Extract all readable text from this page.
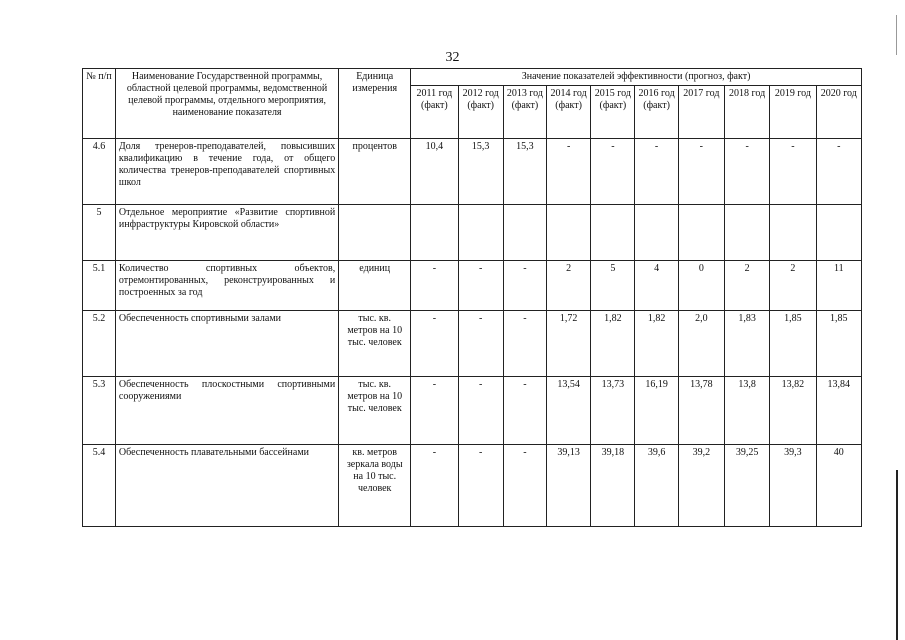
32
№ п/п	Наименование Государственной программы, областной целевой программы, ведомственной целевой программы, отдельного мероприятия, наименование показателя	Единица измерения	Значение показателей эффективности (прогноз, факт)									
			2011 год (факт)	2012 год (факт)	2013 год (факт)	2014 год (факт)	2015 год (факт)	2016 год (факт)	2017 год	2018 год	2019 год	2020 год
4.6	Доля тренеров-преподавателей, повысивших квалификацию в течение года, от общего количества тренеров-преподавателей спортивных школ	процентов	10,4	15,3	15,3	-	-	-	-	-	-	-
5	Отдельное мероприятие «Развитие спортивной инфраструктуры Кировской области»											
5.1	Количество спортивных объектов, отремонтированных, реконструированных и построенных за год	единиц	-	-	-	2	5	4	0	2	2	11
5.2	Обеспеченность спортивными залами	тыс. кв. метров на 10 тыс. человек	-	-	-	1,72	1,82	1,82	2,0	1,83	1,85	1,85
5.3	Обеспеченность плоскостными спортивными сооружениями	тыс. кв. метров на 10 тыс. человек	-	-	-	13,54	13,73	16,19	13,78	13,8	13,82	13,84
5.4	Обеспеченность плавательными бассейнами	кв. метров зеркала воды на 10 тыс. человек	-	-	-	39,13	39,18	39,6	39,2	39,25	39,3	40
